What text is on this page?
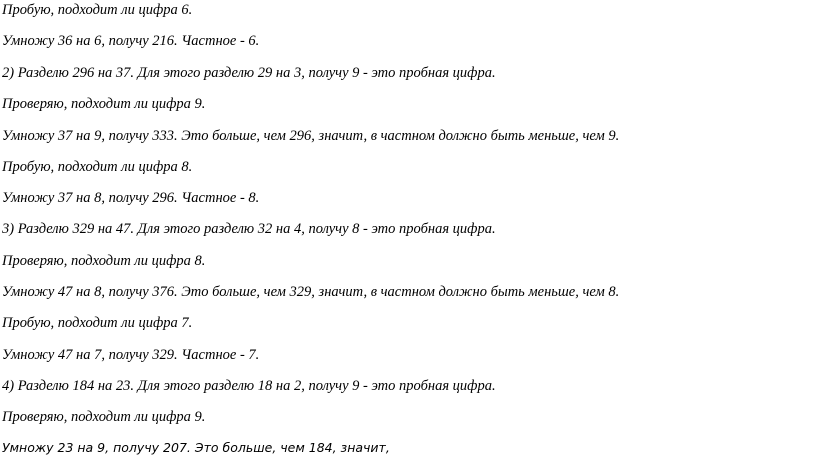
Пробую, подходит ли цифра 6.

Умножу 36 на 6, получу 216. Частное - 6.

2) Разделю 296 на 37. Для этого разделю 29 на 3, получу 9 - это пробная цифра.

Проверяю, подходит ли цифра 9.

Умножу 37 на 9, получу 333. Это больше, чем 296, значит, в частном должно быть меньше, чем 9.

Пробую, подходит ли цифра 8.

Умножу 37 на 8, получу 296. Частное - 8.

3) Разделю 329 на 47. Для этого разделю 32 на 4, получу 8 - это пробная цифра.

Проверяю, подходит ли цифра 8.

Умножу 47 на 8, получу 376. Это больше, чем 329, значит, в частном должно быть меньше, чем 8.

Пробую, подходит ли цифра 7.

Умножу 47 на 7, получу 329. Частное - 7.

4) Разделю 184 на 23. Для этого разделю 18 на 2, получу 9 - это пробная цифра.

Проверяю, подходит ли цифра 9.

Умножу 23 на 9, получу 207. Это больше, чем 184, значит,
